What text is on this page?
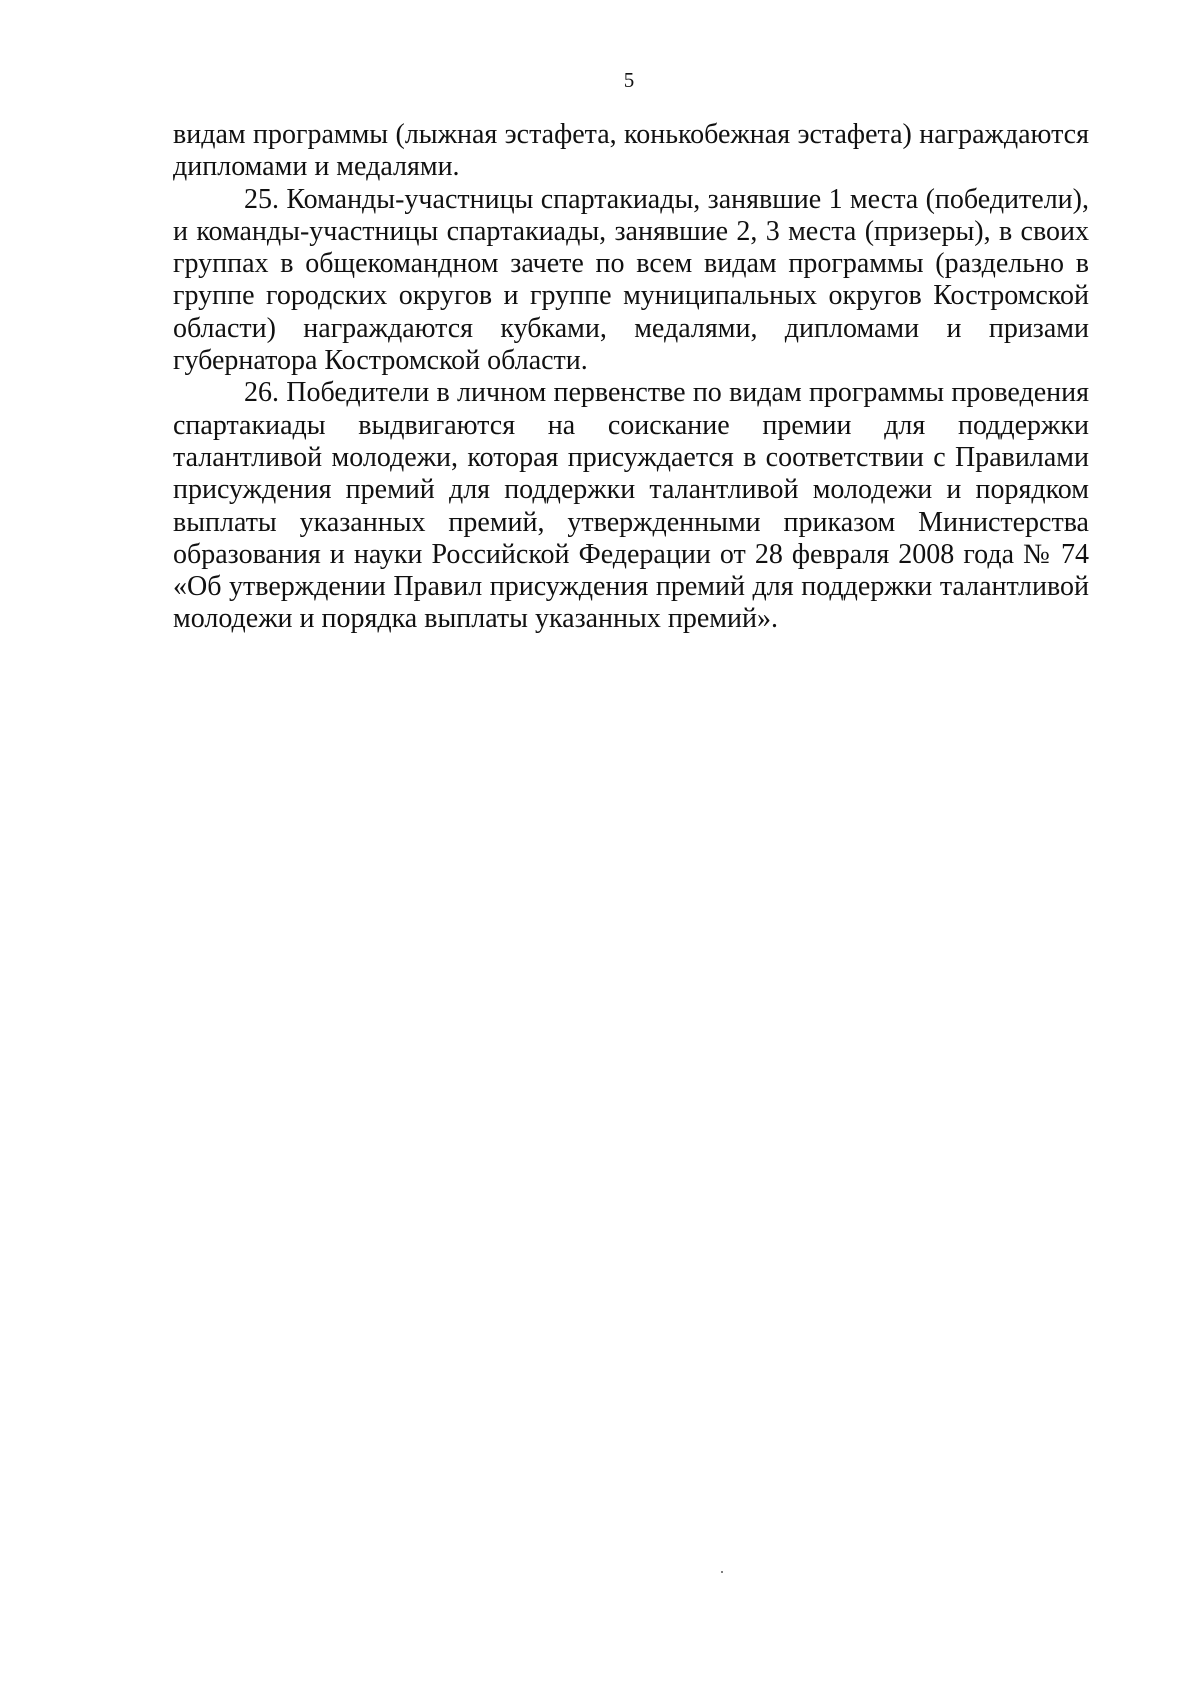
5

видам программы (лыжная эстафета, конькобежная эстафета) награждаются дипломами и медалями.

25. Команды-участницы спартакиады, занявшие 1 места (победители), и команды-участницы спартакиады, занявшие 2, 3 места (призеры), в своих группах в общекомандном зачете по всем видам программы (раздельно в группе городских округов и группе муниципальных округов Костромской области) награждаются кубками, медалями, дипломами и призами губернатора Костромской области.

26. Победители в личном первенстве по видам программы проведения спартакиады выдвигаются на соискание премии для поддержки талантливой молодежи, которая присуждается в соответствии с Правилами присуждения премий для поддержки талантливой молодежи и порядком выплаты указанных премий, утвержденными приказом Министерства образования и науки Российской Федерации от 28 февраля 2008 года № 74 «Об утверждении Правил присуждения премий для поддержки талантливой молодежи и порядка выплаты указанных премий».
